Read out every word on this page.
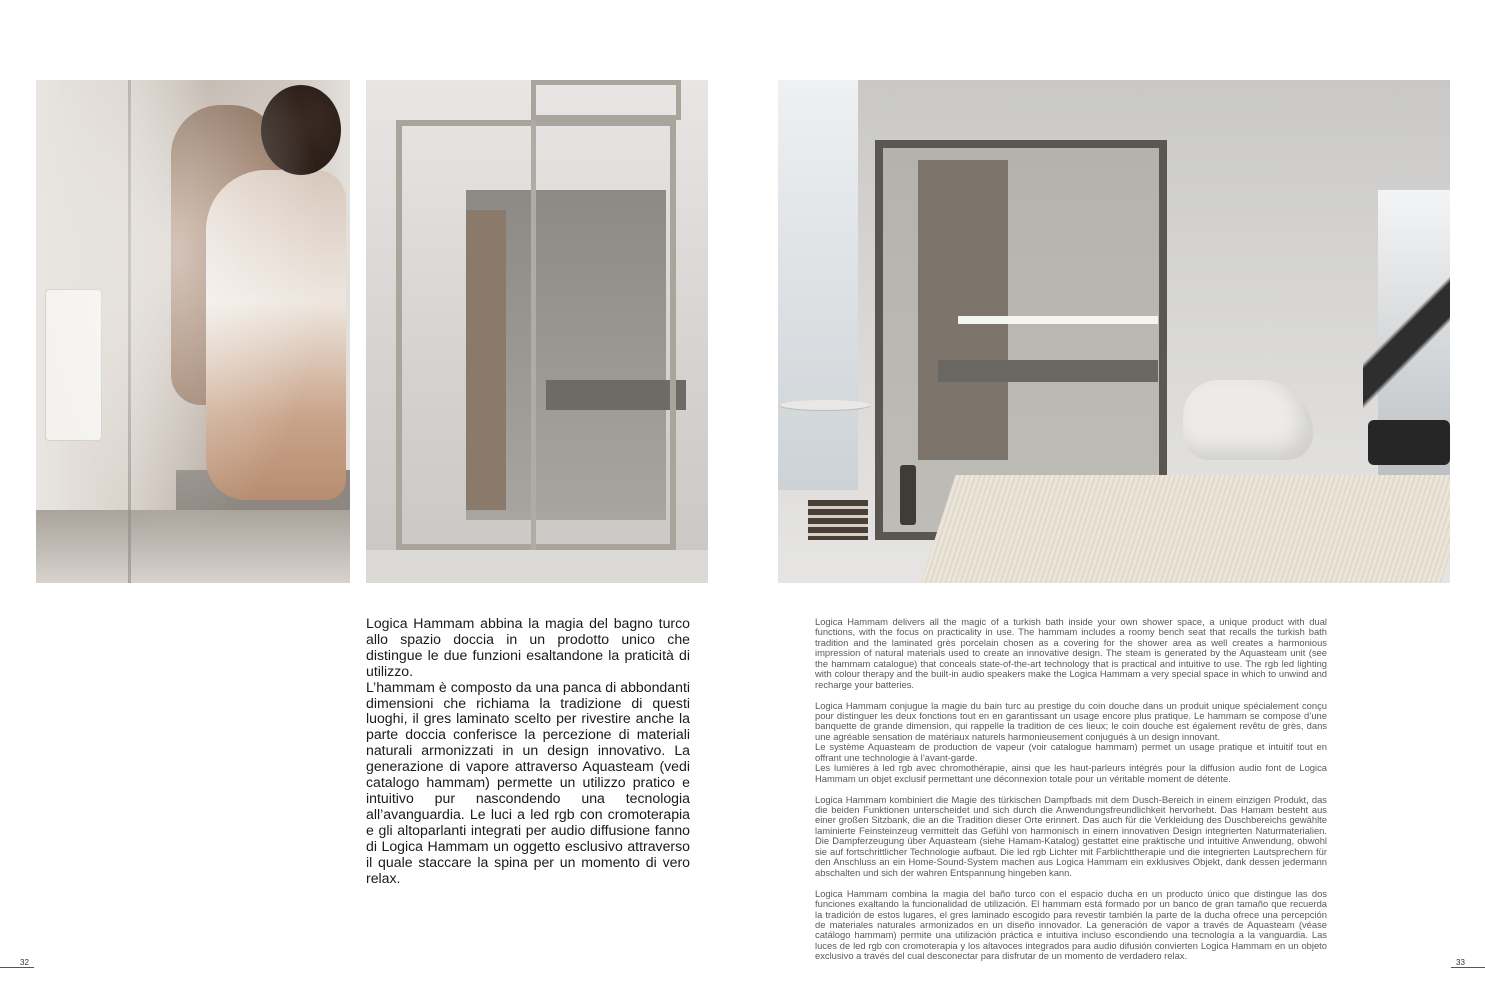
Logica Hammam abbina la magia del bagno turco allo spazio doccia in un prodotto unico che distingue le due funzioni esaltandone la praticità di utilizzo.

L’hammam è composto da una panca di abbondanti dimensioni che richiama la tradizione di questi luoghi, il gres laminato scelto per rivestire anche la parte doccia conferisce la percezione di materiali naturali armonizzati in un design innovativo. La generazione di vapore attraverso Aquasteam (vedi catalogo hammam) permette un utilizzo pratico e intuitivo pur nascondendo una tecnologia all’avanguardia. Le luci a led rgb con cromoterapia e gli altoparlanti integrati per audio diffusione fanno di Logica Hammam un oggetto esclusivo attraverso il quale staccare la spina per un momento di vero relax.

Logica Hammam delivers all the magic of a turkish bath inside your own shower space, a unique product with dual functions, with the focus on practicality in use. The hammam includes a roomy bench seat that recalls the turkish bath tradition and the laminated grès porcelain chosen as a covering for the shower area as well creates a harmonious impression of natural materials used to create an innovative design. The steam is generated by the Aquasteam unit (see the hammam catalogue) that conceals state-of-the-art technology that is practical and intuitive to use. The rgb led lighting with colour therapy and the built-in audio speakers make the Logica Hammam a very special space in which to unwind and recharge your batteries.

Logica Hammam conjugue la magie du bain turc au prestige du coin douche dans un produit unique spécialement conçu pour distinguer les deux fonctions tout en en garantissant un usage encore plus pratique. Le hammam se compose d’une banquette de grande dimension, qui rappelle la tradition de ces lieux; le coin douche est également revêtu de grès, dans une agréable sensation de matériaux naturels harmonieusement conjugués à un design innovant.
Le système Aquasteam de production de vapeur (voir catalogue hammam) permet un usage pratique et intuitif tout en offrant une technologie à l’avant-garde.
Les lumières à led rgb avec chromothérapie, ainsi que les haut-parleurs intégrés pour la diffusion audio font de Logica Hammam un objet exclusif permettant une déconnexion totale pour un véritable moment de détente.

Logica Hammam kombiniert die Magie des türkischen Dampfbads mit dem Dusch-Bereich in einem einzigen Produkt, das die beiden Funktionen unterscheidet und sich durch die Anwendungsfreundlichkeit hervorhebt. Das Hamam besteht aus einer großen Sitzbank, die an die Tradition dieser Orte erinnert. Das auch für die Verkleidung des Duschbereichs gewählte laminierte Feinsteinzeug vermittelt das Gefühl von harmonisch in einem innovativen Design integrierten Naturmaterialien. Die Dampferzeugung über Aquasteam (siehe Hamam-Katalog) gestattet eine praktische und intuitive Anwendung, obwohl sie auf fortschrittlicher Technologie aufbaut. Die led rgb Lichter mit Farblichttherapie und die integrierten Lautsprechern für den Anschluss an ein Home-Sound-System machen aus Logica Hammam ein exklusives Objekt, dank dessen jedermann abschalten und sich der wahren Entspannung hingeben kann.

Logica Hammam combina la magia del baño turco con el espacio ducha en un producto único que distingue las dos funciones exaltando la funcionalidad de utilización. El hammam está formado por un banco de gran tamaño que recuerda la tradición de estos lugares, el gres laminado escogido para revestir también la parte de la ducha ofrece una percepción de materiales naturales armonizados en un diseño innovador. La generación de vapor a través de Aquasteam (véase catálogo hammam) permite una utilización práctica e intuitiva incluso escondiendo una tecnología a la vanguardia. Las luces de led rgb con cromoterapia y los altavoces integrados para audio difusión convierten Logica Hammam en un objeto exclusivo a través del cual desconectar para disfrutar de un momento de verdadero relax.

32	33
